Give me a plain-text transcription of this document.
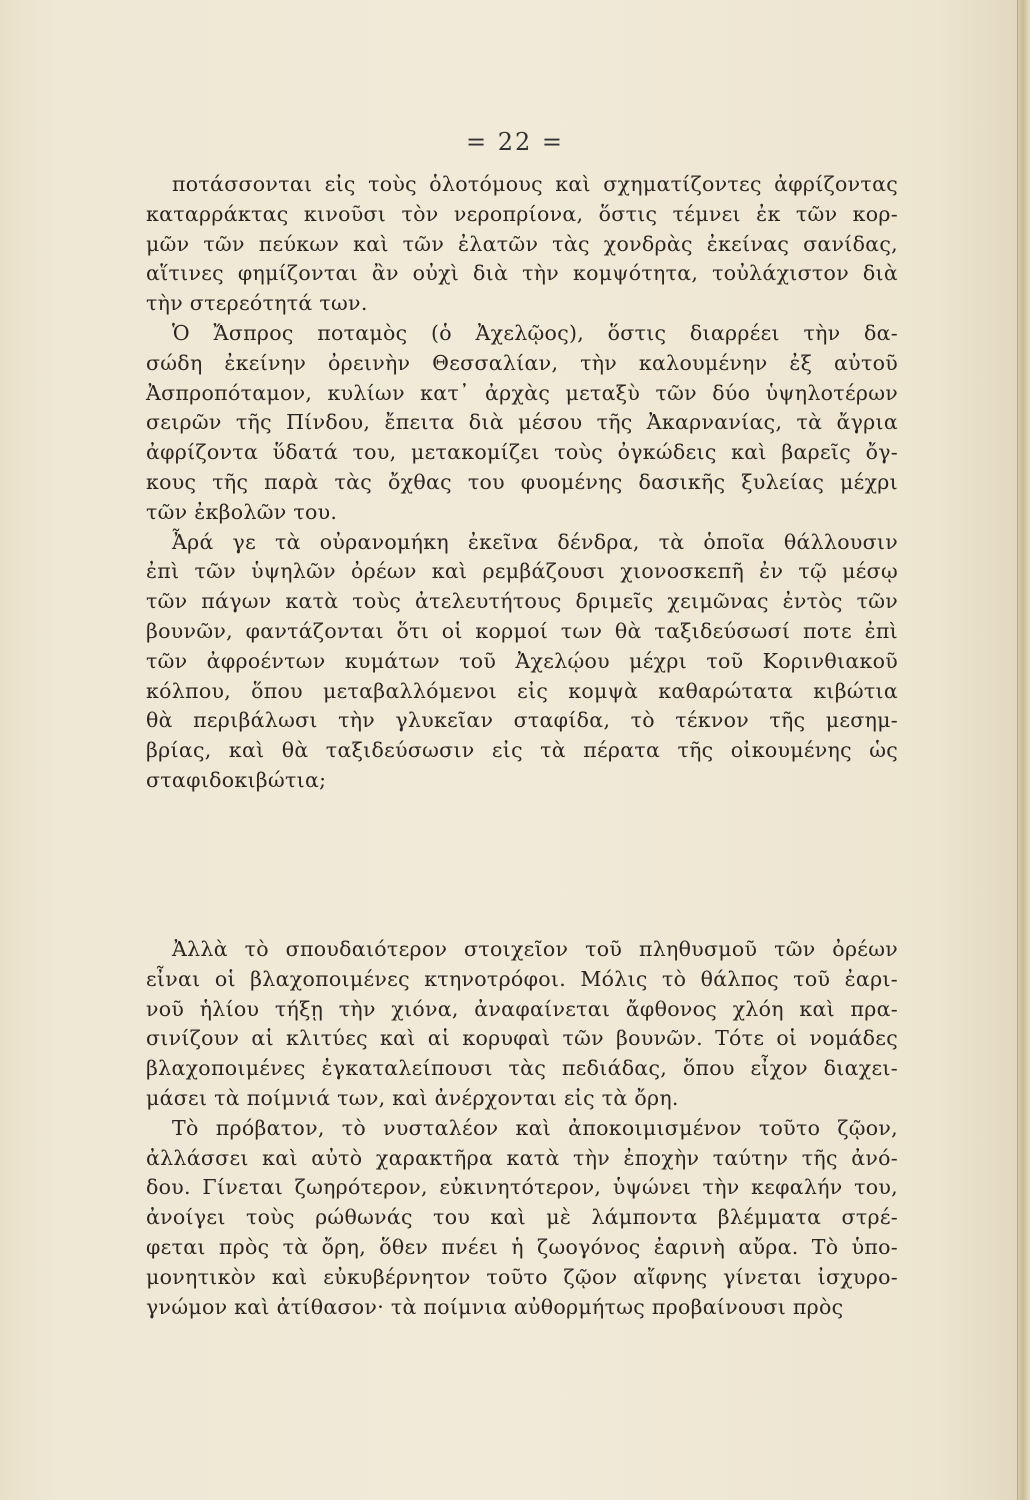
= 22 =
ποτάσσονται εἰς τοὺς ὁλοτόμους καὶ σχηματίζοντες ἀφρίζοντας
καταρράκτας κινοῦσι τὸν νεροπρίονα, ὅστις τέμνει ἐκ τῶν κορ-
μῶν τῶν πεύκων καὶ τῶν ἐλατῶν τὰς χονδρὰς ἐκείνας σανίδας,
αἵτινες φημίζονται ἂν οὐχὶ διὰ τὴν κομψότητα, τοὐλάχιστον διὰ
τὴν στερεότητά των.
Ὁ Ἄσπρος ποταμὸς (ὁ Ἀχελῷος), ὅστις διαρρέει τὴν δα-
σώδη ἐκείνην ὀρεινὴν Θεσσαλίαν, τὴν καλουμένην ἐξ αὐτοῦ
Ἀσπροπόταμον, κυλίων κατ᾽ ἀρχὰς μεταξὺ τῶν δύο ὑψηλοτέρων
σειρῶν τῆς Πίνδου, ἔπειτα διὰ μέσου τῆς Ἀκαρνανίας, τὰ ἄγρια
ἀφρίζοντα ὕδατά του, μετακομίζει τοὺς ὀγκώδεις καὶ βαρεῖς ὄγ-
κους τῆς παρὰ τὰς ὄχθας του φυομένης δασικῆς ξυλείας μέχρι
τῶν ἐκβολῶν του.
Ἆρά γε τὰ οὐρανομήκη ἐκεῖνα δένδρα, τὰ ὁποῖα θάλλουσιν
ἐπὶ τῶν ὑψηλῶν ὀρέων καὶ ρεμβάζουσι χιονοσκεπῆ ἐν τῷ μέσῳ
τῶν πάγων κατὰ τοὺς ἀτελευτήτους δριμεῖς χειμῶνας ἐντὸς τῶν
βουνῶν, φαντάζονται ὅτι οἱ κορμοί των θὰ ταξιδεύσωσί ποτε ἐπὶ
τῶν ἀφροέντων κυμάτων τοῦ Ἀχελῴου μέχρι τοῦ Κορινθιακοῦ
κόλπου, ὅπου μεταβαλλόμενοι εἰς κομψὰ καθαρώτατα κιβώτια
θὰ περιβάλωσι τὴν γλυκεῖαν σταφίδα, τὸ τέκνον τῆς μεσημ-
βρίας, καὶ θὰ ταξιδεύσωσιν εἰς τὰ πέρατα τῆς οἰκουμένης ὡς
σταφιδοκιβώτια;
Ἀλλὰ τὸ σπουδαιότερον στοιχεῖον τοῦ πληθυσμοῦ τῶν ὀρέων
εἶναι οἱ βλαχοποιμένες κτηνοτρόφοι. Μόλις τὸ θάλπος τοῦ ἐαρι-
νοῦ ἡλίου τήξῃ τὴν χιόνα, ἀναφαίνεται ἄφθονος χλόη καὶ πρα-
σινίζουν αἱ κλιτύες καὶ αἱ κορυφαὶ τῶν βουνῶν. Τότε οἱ νομάδες
βλαχοποιμένες ἐγκαταλείπουσι τὰς πεδιάδας, ὅπου εἶχον διαχει-
μάσει τὰ ποίμνιά των, καὶ ἀνέρχονται εἰς τὰ ὄρη.
Τὸ πρόβατον, τὸ νυσταλέον καὶ ἀποκοιμισμένον τοῦτο ζῷον,
ἀλλάσσει καὶ αὐτὸ χαρακτῆρα κατὰ τὴν ἐποχὴν ταύτην τῆς ἀνό-
δου. Γίνεται ζωηρότερον, εὐκινητότερον, ὑψώνει τὴν κεφαλήν του,
ἀνοίγει τοὺς ρώθωνάς του καὶ μὲ λάμποντα βλέμματα στρέ-
φεται πρὸς τὰ ὄρη, ὅθεν πνέει ἡ ζωογόνος ἐαρινὴ αὔρα. Τὸ ὑπο-
μονητικὸν καὶ εὐκυβέρνητον τοῦτο ζῷον αἴφνης γίνεται ἰσχυρο-
γνώμον καὶ ἀτίθασον· τὰ ποίμνια αὐθορμήτως προβαίνουσι πρὸς
